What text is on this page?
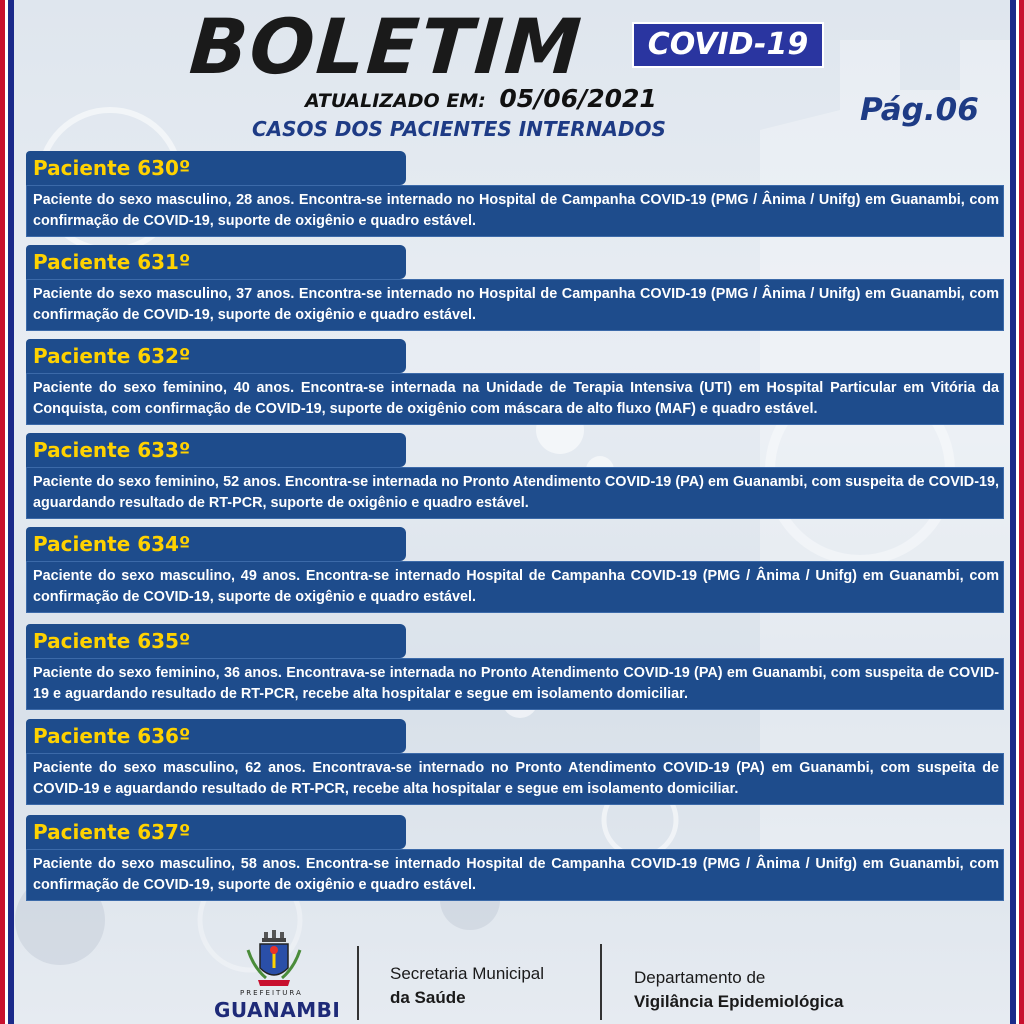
BOLETIM	COVID-19
ATUALIZADO EM: 05/06/2021
CASOS DOS PACIENTES INTERNADOS
Pág.06
Paciente 630º
Paciente do sexo masculino, 28 anos. Encontra-se internado no Hospital de Campanha COVID-19 (PMG / Ânima / Unifg) em Guanambi, com confirmação de COVID-19, suporte de oxigênio e quadro estável.
Paciente 631º
Paciente do sexo masculino, 37 anos. Encontra-se internado no Hospital de Campanha COVID-19 (PMG / Ânima / Unifg) em Guanambi, com confirmação de COVID-19, suporte de oxigênio e quadro estável.
Paciente 632º
Paciente do sexo feminino, 40 anos. Encontra-se internada na Unidade de Terapia Intensiva (UTI) em Hospital Particular em Vitória da Conquista, com confirmação de COVID-19, suporte de oxigênio com máscara de alto fluxo (MAF) e quadro estável.
Paciente 633º
Paciente do sexo feminino, 52 anos. Encontra-se internada no Pronto Atendimento COVID-19 (PA) em Guanambi, com suspeita de COVID-19, aguardando resultado de RT-PCR, suporte de oxigênio e quadro estável.
Paciente 634º
Paciente do sexo masculino, 49 anos. Encontra-se internado Hospital de Campanha COVID-19 (PMG / Ânima / Unifg) em Guanambi, com confirmação de COVID-19, suporte de oxigênio e quadro estável.
Paciente 635º
Paciente do sexo feminino, 36 anos. Encontrava-se internada no Pronto Atendimento COVID-19 (PA) em Guanambi, com suspeita de COVID-19 e aguardando resultado de RT-PCR, recebe alta hospitalar e segue em isolamento domiciliar.
Paciente 636º
Paciente do sexo masculino, 62 anos. Encontrava-se internado no Pronto Atendimento COVID-19 (PA) em Guanambi, com suspeita de COVID-19 e aguardando resultado de RT-PCR, recebe alta hospitalar e segue em isolamento domiciliar.
Paciente 637º
Paciente do sexo masculino, 58 anos. Encontra-se internado Hospital de Campanha COVID-19 (PMG / Ânima / Unifg) em Guanambi, com confirmação de COVID-19, suporte de oxigênio e quadro estável.
PREFEITURA
GUANAMBI
Secretaria Municipal
da Saúde
Departamento de
Vigilância Epidemiológica
